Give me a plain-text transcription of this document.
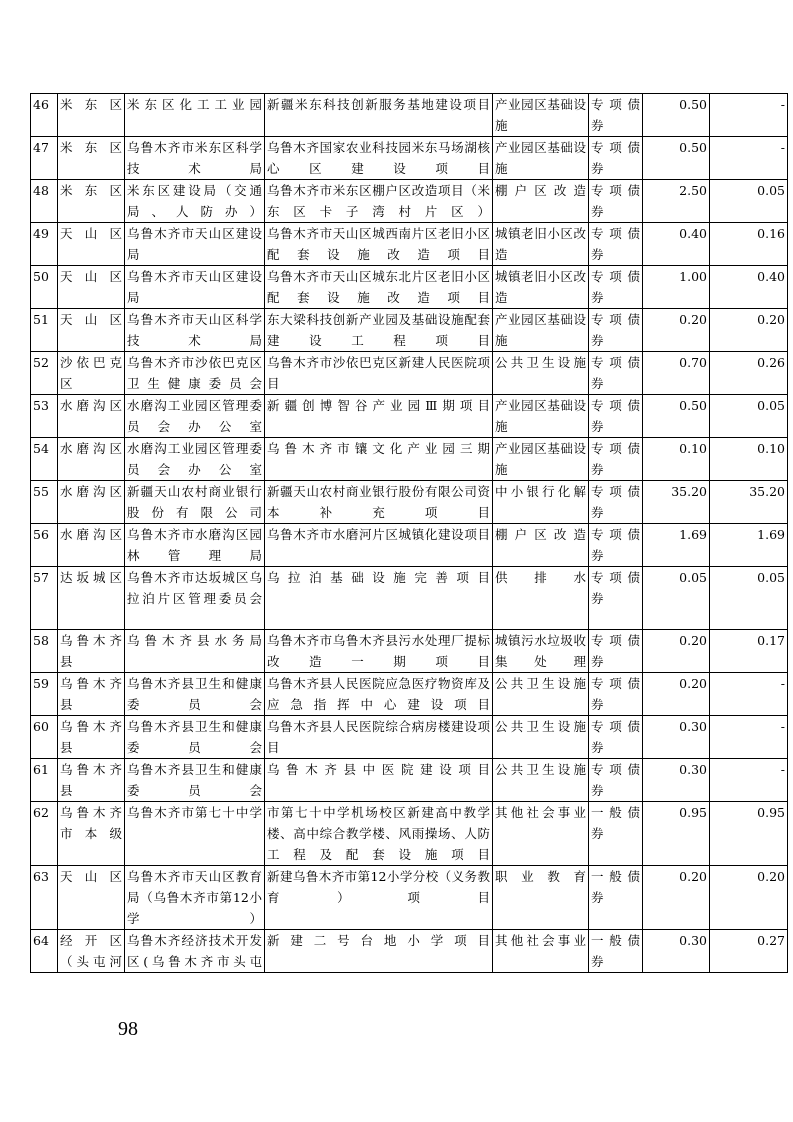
46	米东区	米东区化工工业园	新疆米东科技创新服务基地建设项目	产业园区基础设施	专项债券	0.50	-
47	米东区	乌鲁木齐市米东区科学技术局	乌鲁木齐国家农业科技园米东马场湖核心区建设项目	产业园区基础设施	专项债券	0.50	-
48	米东区	米东区建设局（交通局、人防办）	乌鲁木齐市米东区棚户区改造项目（米东区卡子湾村片区）	棚户区改造	专项债券	2.50	0.05
49	天山区	乌鲁木齐市天山区建设局	乌鲁木齐市天山区城西南片区老旧小区配套设施改造项目	城镇老旧小区改造	专项债券	0.40	0.16
50	天山区	乌鲁木齐市天山区建设局	乌鲁木齐市天山区城东北片区老旧小区配套设施改造项目	城镇老旧小区改造	专项债券	1.00	0.40
51	天山区	乌鲁木齐市天山区科学技术局	东大梁科技创新产业园及基础设施配套建设工程项目	产业园区基础设施	专项债券	0.20	0.20
52	沙依巴克区	乌鲁木齐市沙依巴克区卫生健康委员会	乌鲁木齐市沙依巴克区新建人民医院项目	公共卫生设施	专项债券	0.70	0.26
53	水磨沟区	水磨沟工业园区管理委员会办公室	新疆创博智谷产业园Ⅲ期项目	产业园区基础设施	专项债券	0.50	0.05
54	水磨沟区	水磨沟工业园区管理委员会办公室	乌鲁木齐市镶文化产业园三期	产业园区基础设施	专项债券	0.10	0.10
55	水磨沟区	新疆天山农村商业银行股份有限公司	新疆天山农村商业银行股份有限公司资本补充项目	中小银行化解	专项债券	35.20	35.20
56	水磨沟区	乌鲁木齐市水磨沟区园林管理局	乌鲁木齐市水磨河片区城镇化建设项目	棚户区改造	专项债券	1.69	1.69
57	达坂城区	乌鲁木齐市达坂城区乌拉泊片区管理委员会	乌拉泊基础设施完善项目	供排水	专项债券	0.05	0.05
58	乌鲁木齐县	乌鲁木齐县水务局	乌鲁木齐市乌鲁木齐县污水处理厂提标改造一期项目	城镇污水垃圾收集处理	专项债券	0.20	0.17
59	乌鲁木齐县	乌鲁木齐县卫生和健康委员会	乌鲁木齐县人民医院应急医疗物资库及应急指挥中心建设项目	公共卫生设施	专项债券	0.20	-
60	乌鲁木齐县	乌鲁木齐县卫生和健康委员会	乌鲁木齐县人民医院综合病房楼建设项目	公共卫生设施	专项债券	0.30	-
61	乌鲁木齐县	乌鲁木齐县卫生和健康委员会	乌鲁木齐县中医院建设项目	公共卫生设施	专项债券	0.30	-
62	乌鲁木齐市本级	乌鲁木齐市第七十中学	市第七十中学机场校区新建高中教学楼、高中综合教学楼、风雨操场、人防工程及配套设施项目	其他社会事业	一般债券	0.95	0.95
63	天山区	乌鲁木齐市天山区教育局（乌鲁木齐市第12小学）	新建乌鲁木齐市第12小学分校（义务教育）项目	职业教育	一般债券	0.20	0.20
64	经开区（头屯河	乌鲁木齐经济技术开发区(乌鲁木齐市头屯	新建二号台地小学项目	其他社会事业	一般债券	0.30	0.27
98
